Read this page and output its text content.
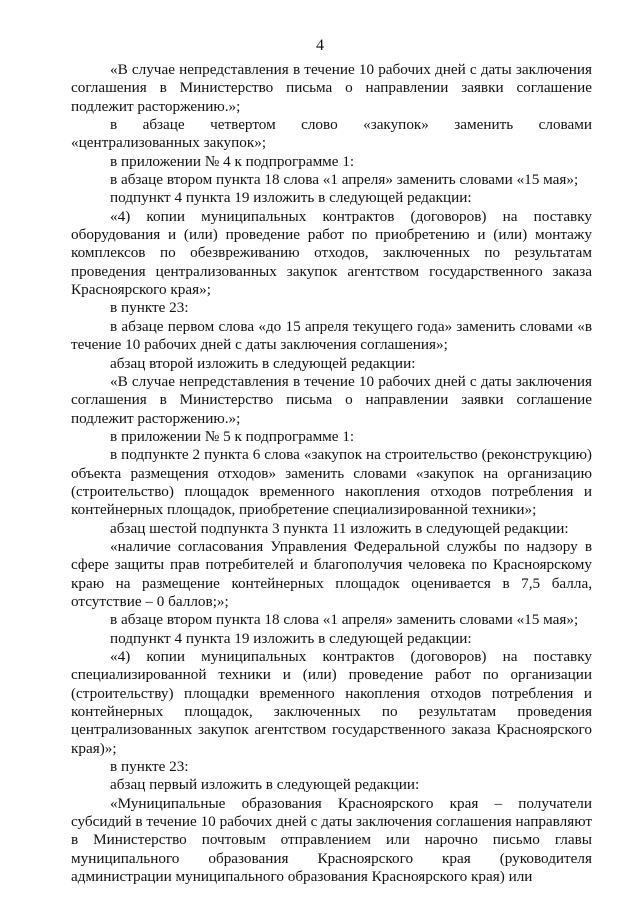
4

«В случае непредставления в течение 10 рабочих дней с даты заключения соглашения в Министерство письма о направлении заявки соглашение подлежит расторжению.»;

в абзаце четвертом слово «закупок» заменить словами «централизованных закупок»;

в приложении № 4 к подпрограмме 1:

в абзаце втором пункта 18 слова «1 апреля» заменить словами «15 мая»;

подпункт 4 пункта 19 изложить в следующей редакции:

«4) копии муниципальных контрактов (договоров) на поставку оборудования и (или) проведение работ по приобретению и (или) монтажу комплексов по обезвреживанию отходов, заключенных по результатам проведения централизованных закупок агентством государственного заказа Красноярского края»;

в пункте 23:

в абзаце первом слова «до 15 апреля текущего года» заменить словами «в течение 10 рабочих дней с даты заключения соглашения»;

абзац второй изложить в следующей редакции:

«В случае непредставления в течение 10 рабочих дней с даты заключения соглашения в Министерство письма о направлении заявки соглашение подлежит расторжению.»;

в приложении № 5 к подпрограмме 1:

в подпункте 2 пункта 6 слова «закупок на строительство (реконструкцию) объекта размещения отходов» заменить словами «закупок на организацию (строительство) площадок временного накопления отходов потребления и контейнерных площадок, приобретение специализированной техники»;

абзац шестой подпункта 3 пункта 11 изложить в следующей редакции:

«наличие согласования Управления Федеральной службы по надзору в сфере защиты прав потребителей и благополучия человека по Красноярскому краю на размещение контейнерных площадок оценивается в 7,5 балла, отсутствие – 0 баллов;»;

в абзаце втором пункта 18 слова «1 апреля» заменить словами «15 мая»;

подпункт 4 пункта 19 изложить в следующей редакции:

«4) копии муниципальных контрактов (договоров) на поставку специализированной техники и (или) проведение работ по организации (строительству) площадки временного накопления отходов потребления и контейнерных площадок, заключенных по результатам проведения централизованных закупок агентством государственного заказа Красноярского края)»;

в пункте 23:

абзац первый изложить в следующей редакции:

«Муниципальные образования Красноярского края – получатели субсидий в течение 10 рабочих дней с даты заключения соглашения направляют в Министерство почтовым отправлением или нарочно письмо главы муниципального образования Красноярского края (руководителя администрации муниципального образования Красноярского края) или
